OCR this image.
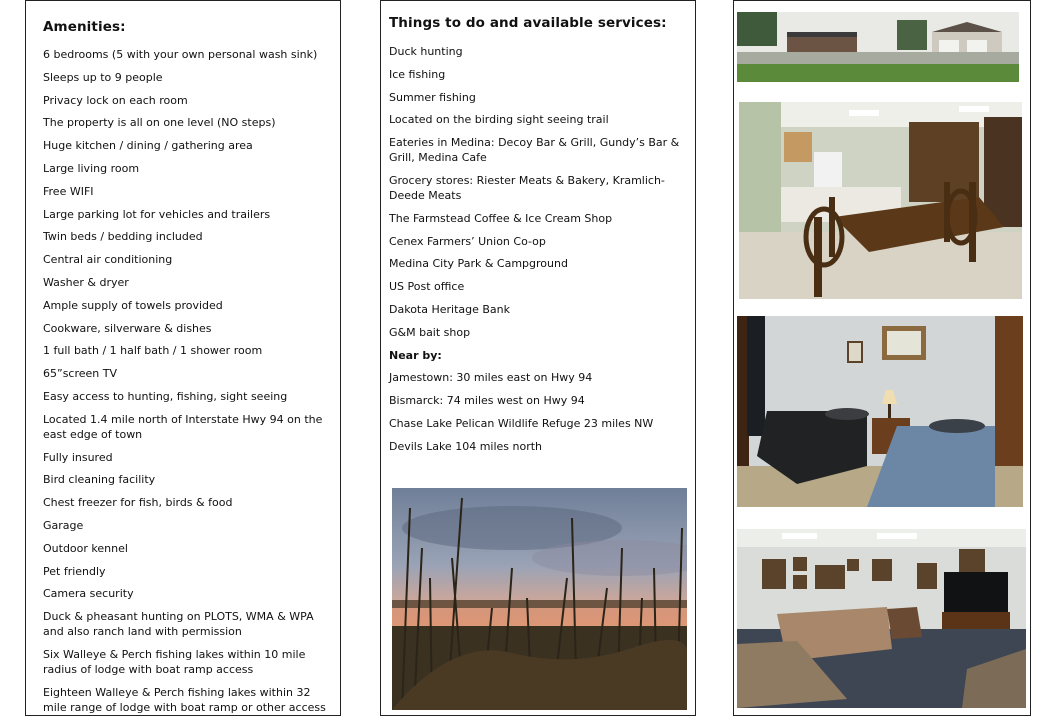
Amenities:
6 bedrooms (5 with your own personal wash sink)
Sleeps up to 9 people
Privacy lock on each room
The property is all on one level (NO steps)
Huge kitchen / dining / gathering area
Large living room
Free WIFI
Large parking lot for vehicles and trailers
Twin beds / bedding included
Central air conditioning
Washer & dryer
Ample supply of towels provided
Cookware, silverware & dishes
1 full bath / 1 half bath / 1 shower room
65”screen TV
Easy access to hunting, fishing, sight seeing
Located 1.4 mile north of Interstate Hwy 94 on the east edge of town
Fully insured
Bird cleaning facility
Chest freezer for fish, birds & food
Garage
Outdoor kennel
Pet friendly
Camera security
Duck & pheasant hunting on PLOTS, WMA & WPA and also ranch land with permission
Six Walleye & Perch fishing lakes within 10 mile radius of lodge with boat ramp access
Eighteen Walleye & Perch fishing lakes within 32 mile range of lodge with boat ramp or other access
Things to do and available services:
Duck hunting
Ice fishing
Summer fishing
Located on the birding sight seeing trail
Eateries in Medina: Decoy Bar & Grill, Gundy’s Bar & Grill, Medina Cafe
Grocery stores: Riester Meats & Bakery, Kramlich-Deede Meats
The Farmstead Coffee & Ice Cream Shop
Cenex Farmers’ Union Co-op
Medina City Park & Campground
US Post office
Dakota Heritage Bank
G&M bait shop
Near by:
Jamestown: 30 miles east on Hwy 94
Bismarck: 74 miles west on Hwy 94
Chase Lake Pelican Wildlife Refuge 23 miles NW
Devils Lake 104 miles north
